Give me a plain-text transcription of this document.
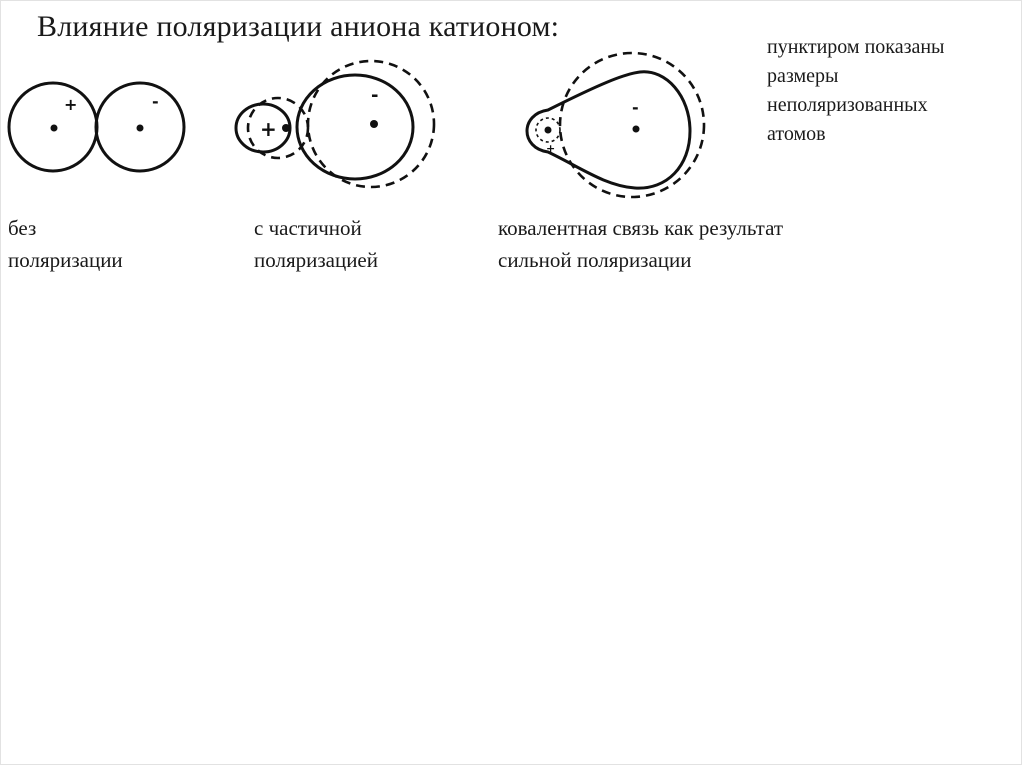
Влияние поляризации аниона катионом:
пунктиром показаны
размеры
неполяризованных
атомов
+	-
+
-
+
-
без
поляризации
с частичной
поляризацией
ковалентная связь как результат
сильной поляризации
